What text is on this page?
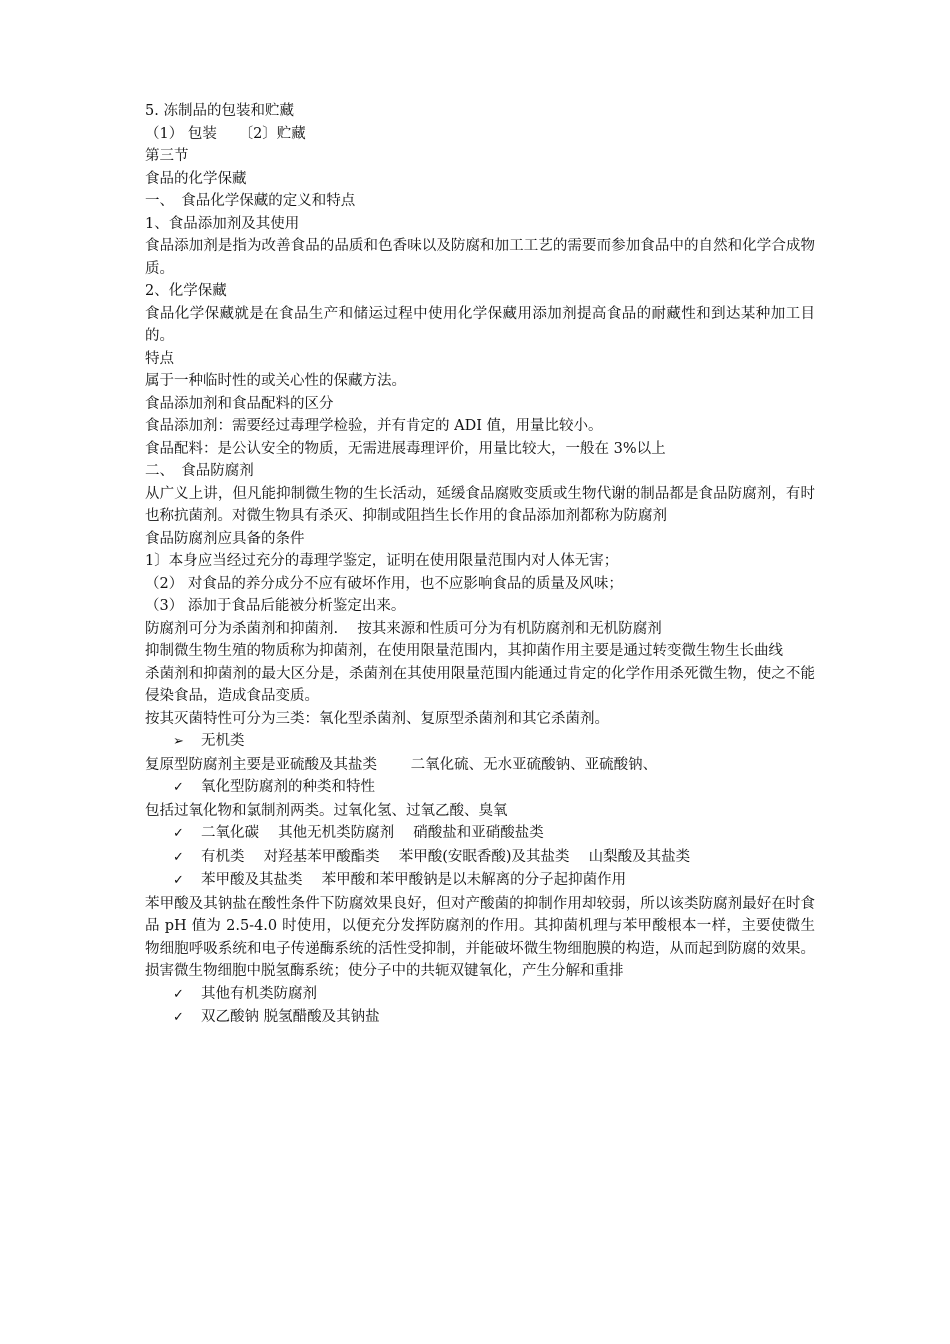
5. 冻制品的包装和贮藏
（1） 包装　　〔2〕贮藏
第三节
食品的化学保藏
一、　食品化学保藏的定义和特点
1、食品添加剂及其使用

食品添加剂是指为改善食品的品质和色香味以及防腐和加工工艺的需要而参加食品中的自然和化学合成物质。

2、化学保藏

食品化学保藏就是在食品生产和储运过程中使用化学保藏用添加剂提高食品的耐藏性和到达某种加工目的。

特点
属于一种临时性的或关心性的保藏方法。
食品添加剂和食品配料的区分
食品添加剂：需要经过毒理学检验，并有肯定的 ADI 值，用量比较小。
食品配料：是公认安全的物质，无需进展毒理评价，用量比较大，一般在 3%以上
二、　食品防腐剂

从广义上讲，但凡能抑制微生物的生长活动，延缓食品腐败变质或生物代谢的制品都是食品防腐剂，有时也称抗菌剂。对微生物具有杀灭、抑制或阻挡生长作用的食品添加剂都称为防腐剂

食品防腐剂应具备的条件
1〕本身应当经过充分的毒理学鉴定，证明在使用限量范围内对人体无害；
（2） 对食品的养分成分不应有破坏作用，也不应影响食品的质量及风味；
（3） 添加于食品后能被分析鉴定出来。
防腐剂可分为杀菌剂和抑菌剂.　 按其来源和性质可分为有机防腐剂和无机防腐剂

抑制微生物生殖的物质称为抑菌剂，在使用限量范围内，其抑菌作用主要是通过转变微生物生长曲线

杀菌剂和抑菌剂的最大区分是，杀菌剂在其使用限量范围内能通过肯定的化学作用杀死微生物，使之不能侵染食品，造成食品变质。

按其灭菌特性可分为三类：氧化型杀菌剂、复原型杀菌剂和其它杀菌剂。
➢	无机类
复原型防腐剂主要是亚硫酸及其盐类　　 二氧化硫、无水亚硫酸钠、亚硫酸钠、
✓	氧化型防腐剂的种类和特性
包括过氧化物和氯制剂两类。过氧化氢、过氧乙酸、臭氧
✓	二氧化碳　 其他无机类防腐剂　 硝酸盐和亚硝酸盐类
✓	有机类　 对羟基苯甲酸酯类　 苯甲酸(安眠香酸)及其盐类　 山梨酸及其盐类
✓	苯甲酸及其盐类　 苯甲酸和苯甲酸钠是以未解离的分子起抑菌作用

苯甲酸及其钠盐在酸性条件下防腐效果良好，但对产酸菌的抑制作用却较弱，所以该类防腐剂最好在时食品 pH 值为 2.5-4.0 时使用，以便充分发挥防腐剂的作用。其抑菌机理与苯甲酸根本一样，主要使微生物细胞呼吸系统和电子传递酶系统的活性受抑制，并能破坏微生物细胞膜的构造，从而起到防腐的效果。损害微生物细胞中脱氢酶系统；使分子中的共轭双键氧化，产生分解和重排

✓	其他有机类防腐剂
✓	双乙酸钠 脱氢醋酸及其钠盐
